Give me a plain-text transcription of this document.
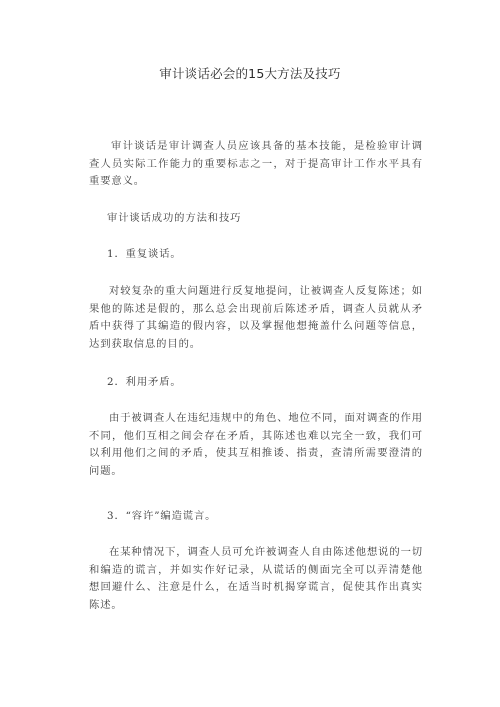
审计谈话必会的15大方法及技巧
审计谈话是审计调查人员应该具备的基本技能，是检验审计调查人员实际工作能力的重要标志之一，对于提高审计工作水平具有重要意义。
审计谈话成功的方法和技巧
1．重复谈话。
对较复杂的重大问题进行反复地提问，让被调查人反复陈述；如果他的陈述是假的，那么总会出现前后陈述矛盾，调查人员就从矛盾中获得了其编造的假内容，以及掌握他想掩盖什么问题等信息，达到获取信息的目的。
2．利用矛盾。
由于被调查人在违纪违规中的角色、地位不同，面对调查的作用不同，他们互相之间会存在矛盾，其陈述也难以完全一致，我们可以利用他们之间的矛盾，使其互相推诿、指责，查清所需要澄清的问题。
3．“容许”编造谎言。
在某种情况下，调查人员可允许被调查人自由陈述他想说的一切和编造的谎言，并如实作好记录，从谎话的侧面完全可以弄清楚他想回避什么、注意是什么，在适当时机揭穿谎言，促使其作出真实陈述。
